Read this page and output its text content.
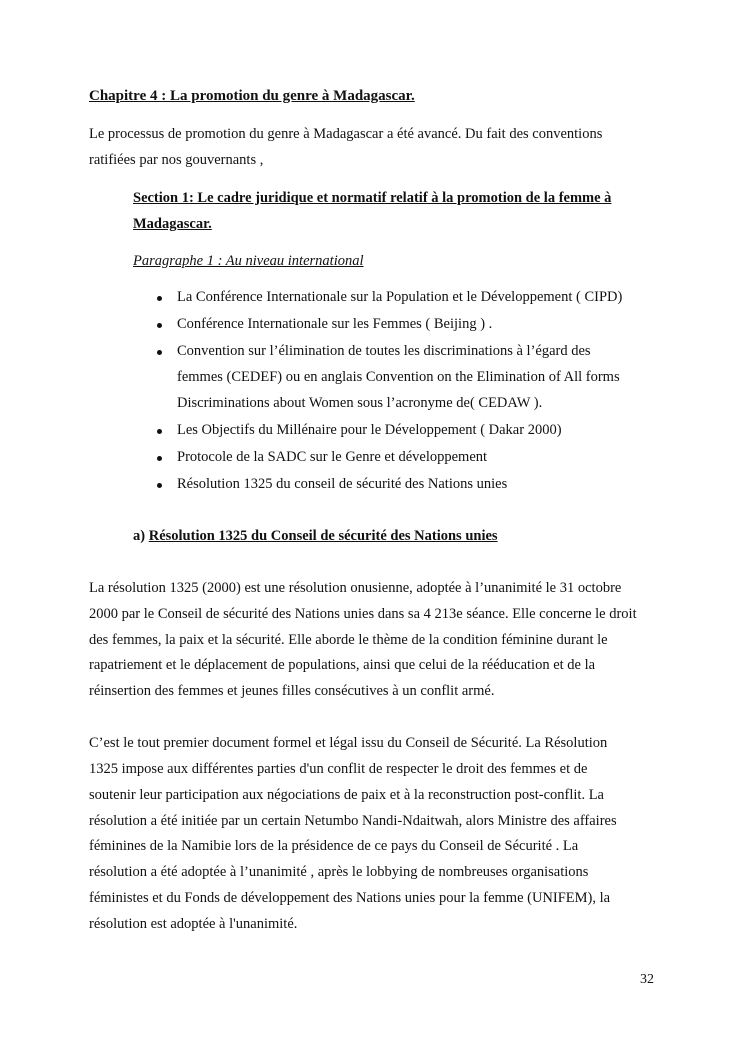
Chapitre 4 : La promotion du genre à Madagascar.
Le processus de promotion du genre à Madagascar a été avancé. Du fait des conventions
ratifiées par nos gouvernants ,
Section 1: Le cadre juridique et normatif relatif à la promotion de la femme à
Madagascar.
Paragraphe 1 : Au niveau international
La Conférence Internationale sur la Population et le Développement ( CIPD)
Conférence Internationale sur les Femmes ( Beijing ) .
Convention sur l’élimination de toutes les discriminations à l’égard des
femmes (CEDEF) ou en anglais Convention on the Elimination of All forms
Discriminations about Women sous l’acronyme de( CEDAW ).
Les Objectifs du Millénaire pour le Développement ( Dakar 2000)
Protocole de la SADC sur le Genre et développement
Résolution 1325 du conseil de sécurité des Nations unies
a) Résolution 1325 du Conseil de sécurité des Nations unies
La résolution 1325 (2000) est une résolution onusienne, adoptée à l’unanimité le 31 octobre
2000 par le Conseil de sécurité des Nations unies dans sa 4 213e séance. Elle concerne le droit
des femmes, la paix et la sécurité. Elle aborde le thème de la condition féminine durant le
rapatriement et le déplacement de populations, ainsi que celui de la rééducation et de la
réinsertion des femmes et jeunes filles consécutives à un conflit armé.
C’est le tout premier document formel et légal issu du Conseil de Sécurité. La Résolution
1325 impose aux différentes parties d'un conflit de respecter le droit des femmes et de
soutenir leur participation aux négociations de paix et à la reconstruction post-conflit. La
résolution a été initiée par un certain Netumbo Nandi-Ndaitwah, alors Ministre des affaires
féminines de la Namibie lors de la présidence de ce pays du Conseil de Sécurité . La
résolution a été adoptée à l’unanimité , après le lobbying de nombreuses organisations
féministes et du Fonds de développement des Nations unies pour la femme (UNIFEM), la
résolution est adoptée à l'unanimité.
32
